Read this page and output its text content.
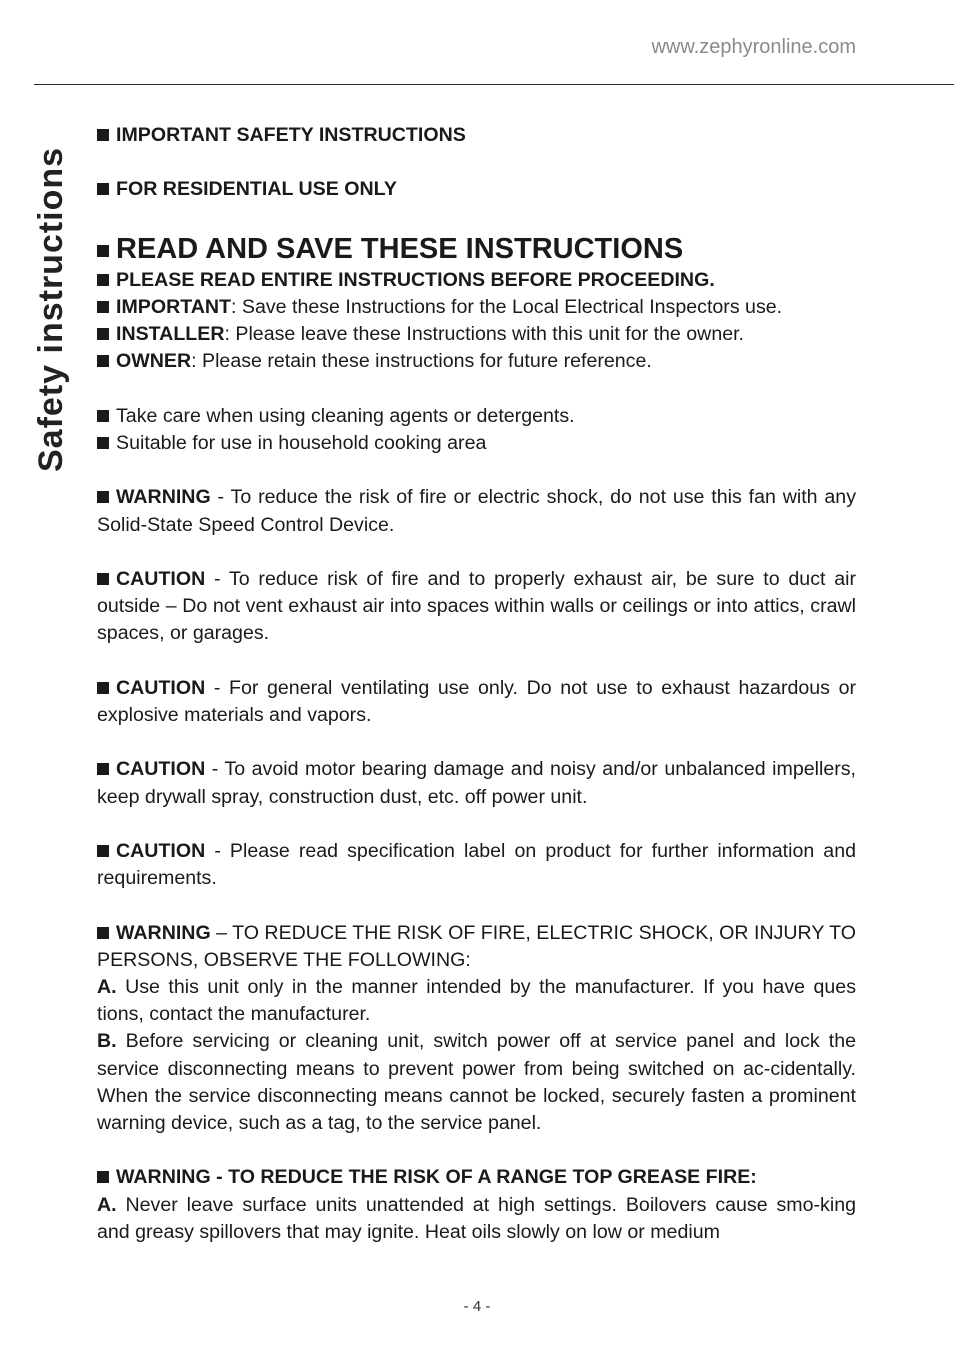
www.zephyronline.com
Safety instructions

IMPORTANT SAFETY INSTRUCTIONS

FOR RESIDENTIAL USE ONLY

READ AND SAVE THESE INSTRUCTIONS

PLEASE READ ENTIRE INSTRUCTIONS BEFORE PROCEEDING.

IMPORTANT: Save these Instructions for the Local Electrical Inspectors use.

INSTALLER: Please leave these Instructions with this unit for the owner.

OWNER: Please retain these instructions for future reference.

Take care when using cleaning agents or detergents.

Suitable for use in household cooking area

WARNING - To reduce the risk of fire or electric shock, do not use this fan with any Solid-State Speed Control Device.

CAUTION - To reduce risk of fire and to properly exhaust air, be sure to duct air outside – Do not vent exhaust air into spaces within walls or ceilings or into attics, crawl spaces, or garages.

CAUTION - For general ventilating use only. Do not use to exhaust hazardous or explosive materials and vapors.

CAUTION - To avoid motor bearing damage and noisy and/or unbalanced impellers, keep drywall spray, construction dust, etc. off power unit.

CAUTION - Please read specification label on product for further information and requirements.

WARNING – TO REDUCE THE RISK OF FIRE, ELECTRIC SHOCK, OR INJURY TO PERSONS, OBSERVE THE FOLLOWING:

A. Use this unit only in the manner intended by the manufacturer. If you have ques          tions, contact the manufacturer.

B. Before servicing or cleaning unit, switch power off at service panel and lock the service disconnecting means to prevent power from being switched on ac-cidentally. When the service disconnecting means cannot be locked, securely fasten a prominent warning device, such as a tag, to the service panel.

WARNING - TO REDUCE THE RISK OF A RANGE TOP GREASE FIRE:

A. Never leave surface units unattended at high settings. Boilovers cause smo-king and greasy spillovers that may ignite. Heat oils slowly on low or medium

- 4 -
